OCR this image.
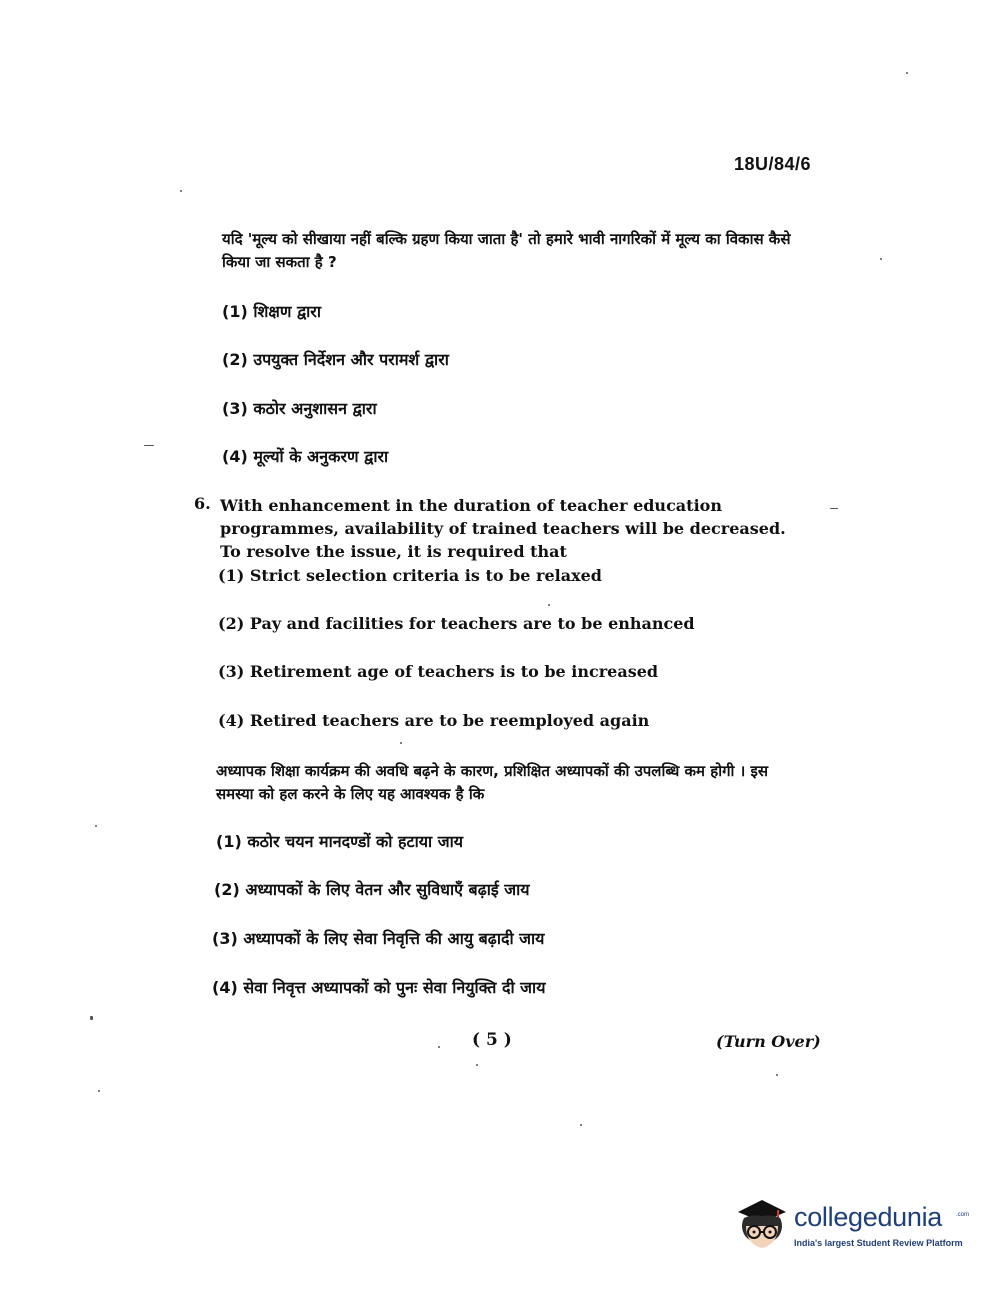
18U/84/6
यदि 'मूल्य को सीखाया नहीं बल्कि ग्रहण किया जाता है' तो हमारे भावी नागरिकों में मूल्य का विकास कैसे किया जा सकता है ?
(1) शिक्षण द्वारा
(2) उपयुक्त निर्देशन और परामर्श द्वारा
(3) कठोर अनुशासन द्वारा
(4) मूल्यों के अनुकरण द्वारा
6. With enhancement in the duration of teacher education programmes, availability of trained teachers will be decreased. To resolve the issue, it is required that
(1) Strict selection criteria is to be relaxed
(2) Pay and facilities for teachers are to be enhanced
(3) Retirement age of teachers is to be increased
(4) Retired teachers are to be reemployed again
अध्यापक शिक्षा कार्यक्रम की अवधि बढ़ने के कारण, प्रशिक्षित अध्यापकों की उपलब्धि कम होगी । इस समस्या को हल करने के लिए यह आवश्यक है कि
(1) कठोर चयन मानदण्डों को हटाया जाय
(2) अध्यापकों के लिए वेतन और सुविधाएँ बढ़ाई जाय
(3) अध्यापकों के लिए सेवा निवृत्ति की आयु बढ़ादी जाय
(4) सेवा निवृत्त अध्यापकों को पुनः सेवा नियुक्ति दी जाय
( 5 )	(Turn Over)
collegedunia .com
India's largest Student Review Platform
